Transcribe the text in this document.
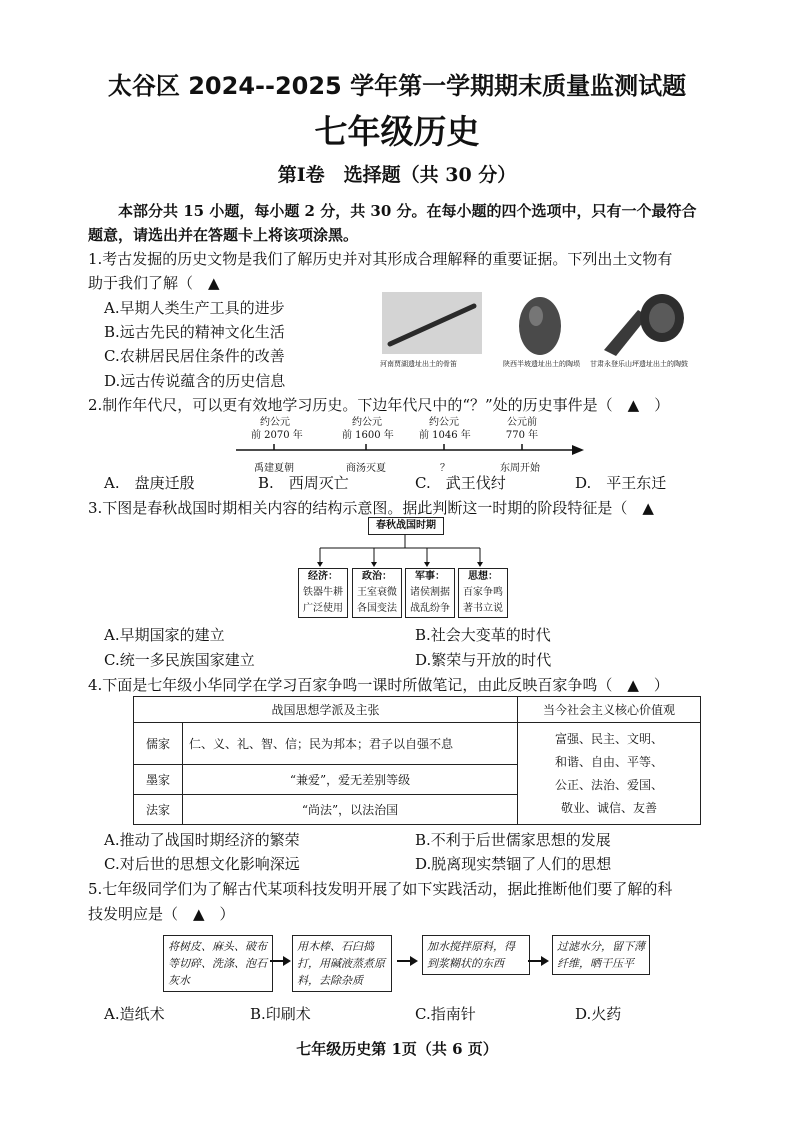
太谷区 2024--2025 学年第一学期期末质量监测试题
七年级历史
第Ⅰ卷　选择题（共 30 分）
本部分共 15 小题，每小题 2 分，共 30 分。在每小题的四个选项中，只有一个最符合
题意，请选出并在答题卡上将该项涂黑。
1.考古发掘的历史文物是我们了解历史并对其形成合理解释的重要证据。下列出土文物有
助于我们了解（　▲
A.早期人类生产工具的进步
B.远古先民的精神文化生活
C.农耕居民居住条件的改善
D.远古传说蕴含的历史信息
河南贾湖遗址出土的骨笛	陕西半坡遗址出土的陶埙 甘肃永登乐山坪遗址出土的陶鼓
2.制作年代尺，可以更有效地学习历史。下边年代尺中的“？”处的历史事件是（　▲　）
约公元
前 2070 年
约公元
前 1600 年
约公元
前 1046 年
公元前
770 年
禹建夏朝	商汤灭夏	？	东周开始
A.　盘庚迁殷	B.　西周灭亡	C.　武王伐纣	D.　平王东迁
3.下图是春秋战国时期相关内容的结构示意图。据此判断这一时期的阶段特征是（　▲
春秋战国时期
经济：
铁器牛耕
广泛使用
政治：
王室衰微
各国变法
军事：
诸侯割据
战乱纷争
思想：
百家争鸣
著书立说
A.早期国家的建立	B.社会大变革的时代
C.统一多民族国家建立	D.繁荣与开放的时代
4.下面是七年级小华同学在学习百家争鸣一课时所做笔记，由此反映百家争鸣（　▲　）
战国思想学派及主张		当今社会主义核心价值观
儒家	仁、义、礼、智、信；民为邦本；君子以自强不息	富强、民主、文明、
和谐、自由、平等、
公正、法治、爱国、
敬业、诚信、友善

墨家	“兼爱”，爱无差别等级	
法家	“尚法”，以法治国	
A.推动了战国时期经济的繁荣	B.不利于后世儒家思想的发展
C.对后世的思想文化影响深远	D.脱离现实禁锢了人们的思想
5.七年级同学们为了解古代某项科技发明开展了如下实践活动，据此推断他们要了解的科
技发明应是（　▲　）
将树皮、麻头、破布等切碎、洗涤、泡石灰水
用木棒、石臼捣打，用碱液蒸煮原料，去除杂质
加水搅拌原料，得到浆糊状的东西
过滤水分，留下薄纤维，晒干压平
A.造纸术	B.印刷术	C.指南针	D.火药
七年级历史第 1页（共 6 页）
